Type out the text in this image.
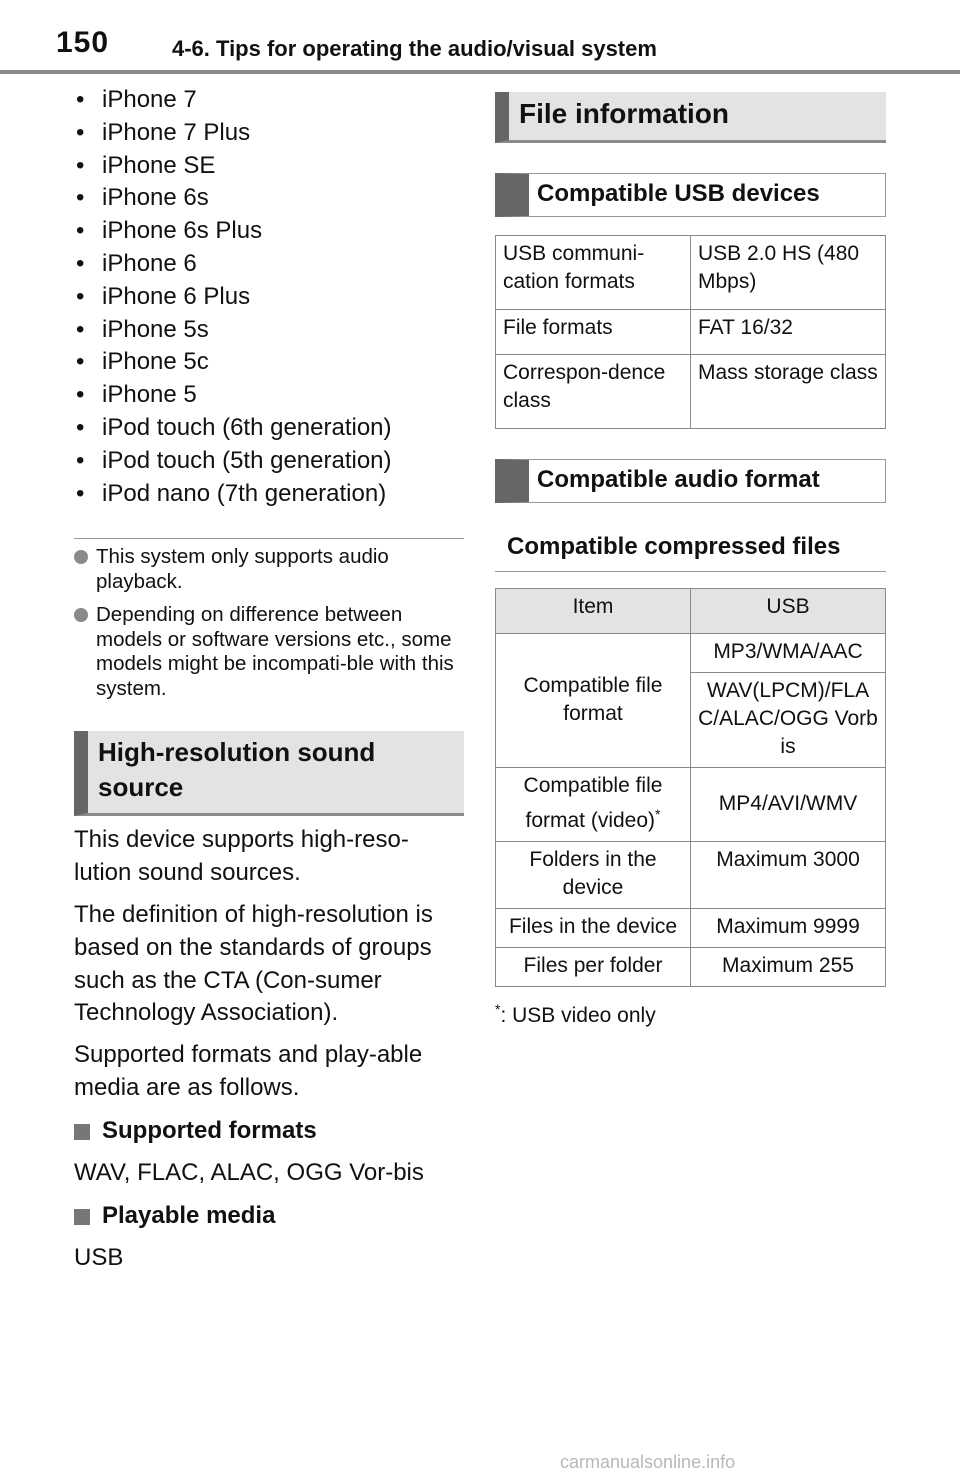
150	4-6. Tips for operating the audio/visual system
• iPhone 7
• iPhone 7 Plus
• iPhone SE
• iPhone 6s
• iPhone 6s Plus
• iPhone 6
• iPhone 6 Plus
• iPhone 5s
• iPhone 5c
• iPhone 5
• iPod touch (6th generation)
• iPod touch (5th generation)
• iPod nano (7th generation)
This system only supports audio playback.
Depending on difference between models or software versions etc., some models might be incompati-ble with this system.
High-resolution sound
source

This device supports high-reso-lution sound sources.

The definition of high-resolution is based on the standards of groups such as the CTA (Con-sumer Technology Association).

Supported formats and play-able media are as follows.

Supported formats

WAV, FLAC, ALAC, OGG Vor-bis

Playable media

USB

File information
Compatible USB devices
USB communi-cation formats	USB 2.0 HS (480 Mbps)
File formats	FAT 16/32
Correspon-dence class	Mass storage class
Compatible audio format
Compatible compressed files
Item	USB
Compatible file format	MP3/WMA/AAC
	WAV(LPCM)/FLAC/ALAC/OGG Vorbis
Compatible file format (video)*	MP4/AVI/WMV
Folders in the device	Maximum 3000
Files in the device	Maximum 9999
Files per folder	Maximum 255
*: USB video only
carmanualsonline.info
